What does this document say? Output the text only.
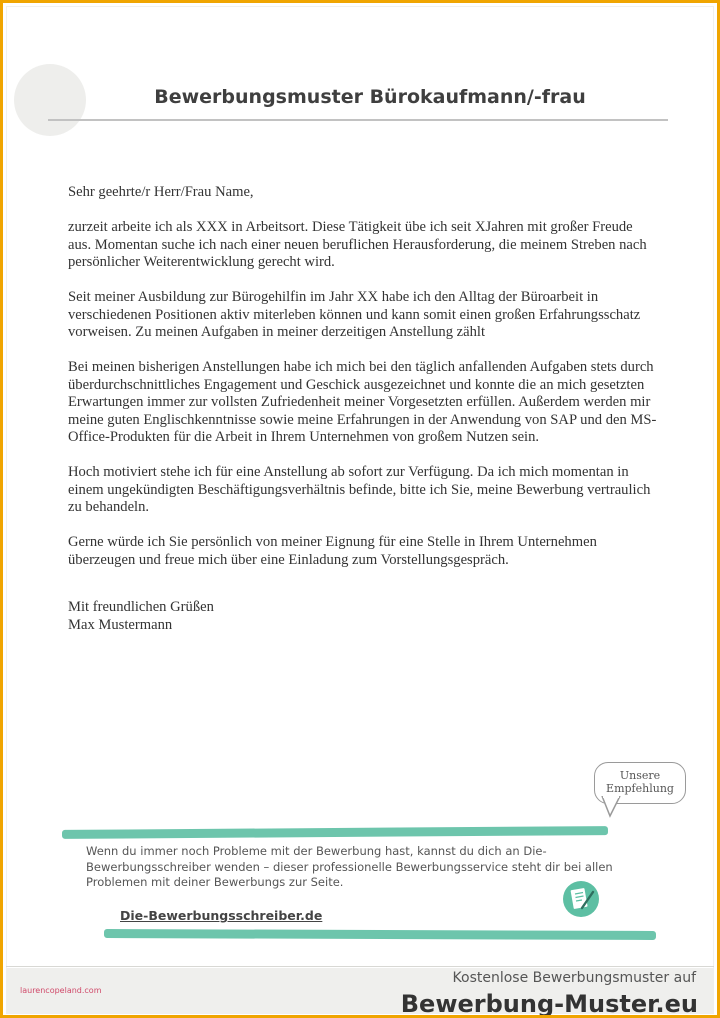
Bewerbungsmuster Bürokaufmann/-frau

Sehr geehrte/r Herr/Frau Name,

zurzeit arbeite ich als XXX in Arbeitsort. Diese Tätigkeit übe ich seit XJahren mit großer Freude aus. Momentan suche ich nach einer neuen beruflichen Herausforderung, die meinem Streben nach persönlicher Weiterentwicklung gerecht wird.

Seit meiner Ausbildung zur Bürogehilfin im Jahr XX habe ich den Alltag der Büroarbeit in verschiedenen Positionen aktiv miterleben können und kann somit einen großen Erfahrungsschatz vorweisen. Zu meinen Aufgaben in meiner derzeitigen Anstellung zählt

Bei meinen bisherigen Anstellungen habe ich mich bei den täglich anfallenden Aufgaben stets durch überdurchschnittliches Engagement und Geschick ausgezeichnet und konnte die an mich gesetzten Erwartungen immer zur vollsten Zufriedenheit meiner Vorgesetzten erfüllen. Außerdem werden mir meine guten Englischkenntnisse sowie meine Erfahrungen in der Anwendung von SAP und den MS-Office-Produkten für die Arbeit in Ihrem Unternehmen von großem Nutzen sein.

Hoch motiviert stehe ich für eine Anstellung ab sofort zur Verfügung. Da ich mich momentan in einem ungekündigten Beschäftigungsverhältnis befinde, bitte ich Sie, meine Bewerbung vertraulich zu behandeln.

Gerne würde ich Sie persönlich von meiner Eignung für eine Stelle in Ihrem Unternehmen überzeugen und freue mich über eine Einladung zum Vorstellungsgespräch.

Mit freundlichen Grüßen
Max Mustermann
Unsere
Empfehlung
Wenn du immer noch Probleme mit der Bewerbung hast, kannst du dich an Die-Bewerbungsschreiber wenden – dieser professionelle Bewerbungsservice steht dir bei allen Problemen mit deiner Bewerbungs zur Seite.
Die-Bewerbungsschreiber.de
laurencopeland.com
Kostenlose Bewerbungsmuster auf
Bewerbung-Muster.eu
